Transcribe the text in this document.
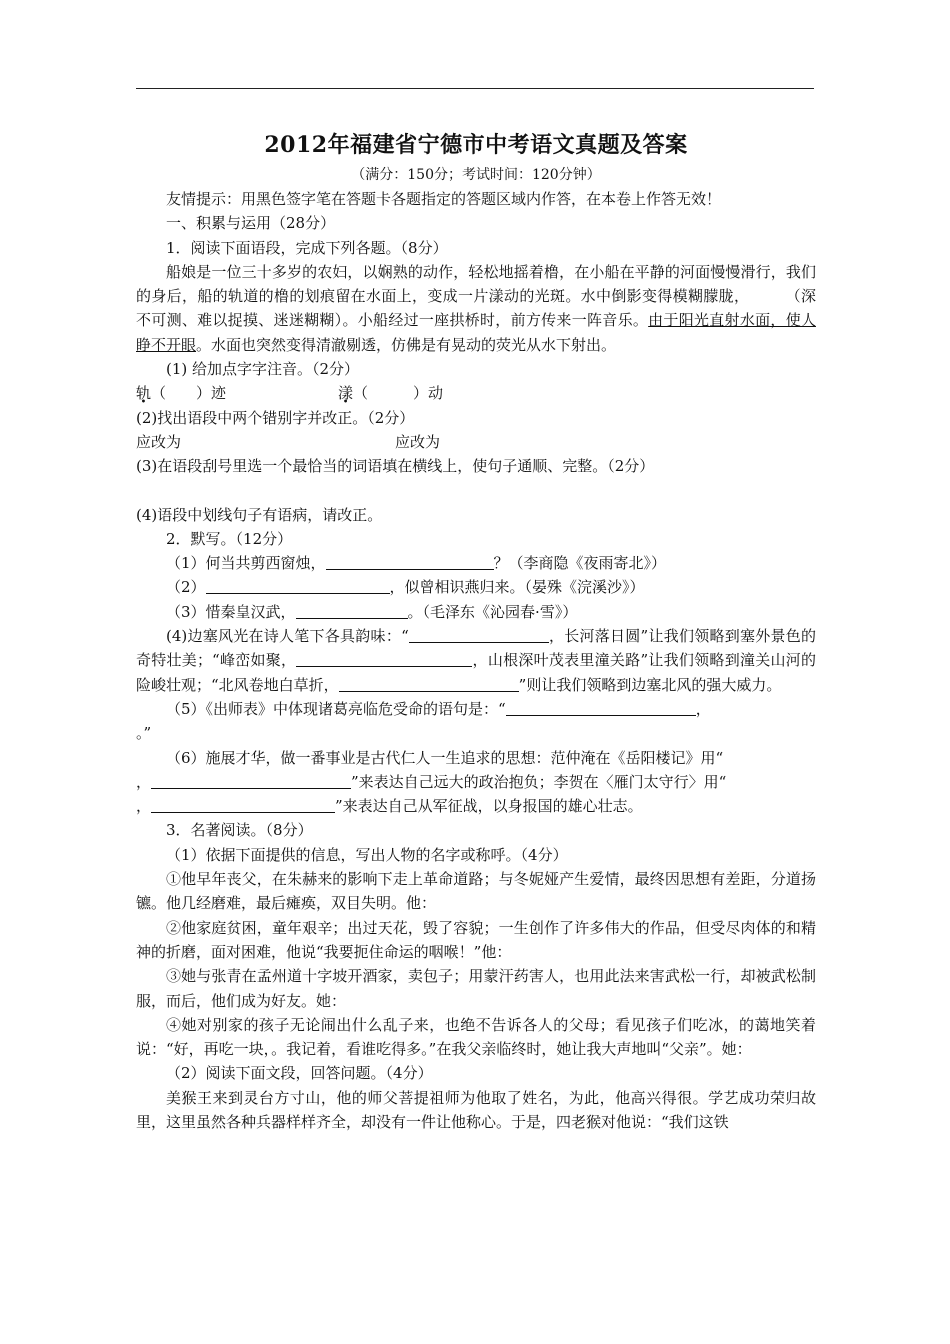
2012年福建省宁德市中考语文真题及答案
（满分：150分；考试时间：120分钟）

友情提示：用黑色签字笔在答题卡各题指定的答题区域内作答，在本卷上作答无效！

一、积累与运用（28分）

1．阅读下面语段，完成下列各题。（8分）

船娘是一位三十多岁的农妇，以娴熟的动作，轻松地摇着橹，在小船在平静的河面慢慢滑行，我们的身后，船的轨道的橹的划痕留在水面上，变成一片漾动的光斑。水中倒影变得模糊朦胧， （深不可测、难以捉摸、迷迷糊糊）。小船经过一座拱桥时，前方传来一阵音乐。由于阳光直射水面，使人睁不开眼。水面也突然变得清澈剔透，仿佛是有晃动的荧光从水下射出。

(1) 给加点字字注音。（2分）

轨（　　）迹	漾（　　　）动

(2)找出语段中两个错别字并改正。（2分）

应改为	应改为

(3)在语段刮号里选一个最恰当的词语填在横线上，使句子通顺、完整。（2分）

(4)语段中划线句子有语病，请改正。

2．默写。（12分）

（1）何当共剪西窗烛，	？（李商隐《夜雨寄北》）

（2）	，似曾相识燕归来。（晏殊《浣溪沙》）

（3）惜秦皇汉武，	。（毛泽东《沁园春·雪》）

(4)边塞风光在诗人笔下各具韵味：“	，长河落日圆”让我们领略到塞外景色的奇特壮美；“峰峦如聚，	，山根深叶茂表里潼关路”让我们领略到潼关山河的险峻壮观；“北风卷地白草折，	”则让我们领略到边塞北风的强大威力。

（5）《出师表》中体现诸葛亮临危受命的语句是：“	，
。”

（6）施展才华，做一番事业是古代仁人一生追求的思想：范仲淹在《岳阳楼记》用“
，	”来表达自己远大的政治抱负；李贺在〈雁门太守行〉用“
，	”来表达自己从军征战，以身报国的雄心壮志。

3．名著阅读。（8分）

（1）依据下面提供的信息，写出人物的名字或称呼。（4分）

①他早年丧父，在朱赫来的影响下走上革命道路；与冬妮娅产生爱情，最终因思想有差距，分道扬镳。他几经磨难，最后瘫痪，双目失明。他：

②他家庭贫困，童年艰辛；出过天花，毁了容貌；一生创作了许多伟大的作品，但受尽肉体的和精神的折磨，面对困难，他说“我要扼住命运的咽喉！”他：

③她与张青在孟州道十字坡开酒家，卖包子；用蒙汗药害人，也用此法来害武松一行，却被武松制服，而后，他们成为好友。她：

④她对别家的孩子无论闹出什么乱子来，也绝不告诉各人的父母；看见孩子们吃冰，的蔼地笑着说：“好，再吃一块，。我记着，看谁吃得多。”在我父亲临终时，她让我大声地叫“父亲”。她：

（2）阅读下面文段，回答问题。（4分）

美猴王来到灵台方寸山，他的师父菩提祖师为他取了姓名，为此，他高兴得很。学艺成功荣归故里，这里虽然各种兵器样样齐全，却没有一件让他称心。于是，四老猴对他说：“我们这铁
